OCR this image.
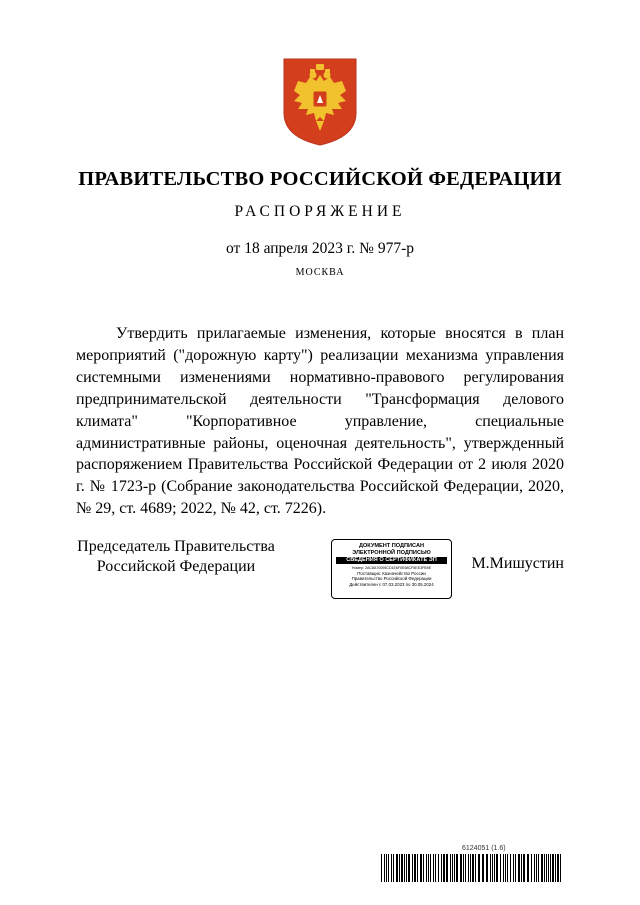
ПРАВИТЕЛЬСТВО РОССИЙСКОЙ ФЕДЕРАЦИИ
РАСПОРЯЖЕНИЕ
от 18 апреля 2023 г. № 977-р
МОСКВА

Утвердить прилагаемые изменения, которые вносятся в план мероприятий ("дорожную карту") реализации механизма управления системными изменениями нормативно-правового регулирования предпринимательской деятельности "Трансформация делового климата" "Корпоративное управление, специальные административные районы, оценочная деятельность", утвержденный распоряжением Правительства Российской Федерации от 2 июля 2020 г. № 1723-р (Собрание законодательства Российской Федерации, 2020, № 29, ст. 4689; 2022, № 42, ст. 7226).

Председатель Правительства
Российской Федерации
ДОКУМЕНТ ПОДПИСАН
ЭЛЕКТРОННОЙ ПОДПИСЬЮ
СВЕДЕНИЯ О СЕРТИФИКАТЕ ЭП
Номер: 2AC8A70095CD1E6F0E68CF5EE3FB9E
Поставщик: Казначейство России
Правительство Российской Федерации
Действителен с 07.03.2023 по 30.05.2024
М.Мишустин
6124051 (1.6)
